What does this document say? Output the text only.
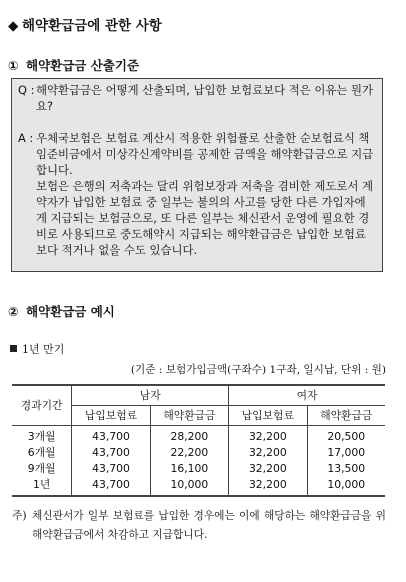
◆ 해약환급금에 관한 사항
① 해약환급금 산출기준
Q : 해약환급금은 어떻게 산출되며, 납입한 보험료보다 적은 이유는 뭔가요?
A : 우체국보험은 보험료 계산시 적용한 위험률로 산출한 순보험료식 책임준비금에서 미상각신계약비를 공제한 금액을 해약환급금으로 지급합니다.
보험은 은행의 저축과는 달리 위험보장과 저축을 겸비한 제도로서 계약자가 납입한 보험료 중 일부는 불의의 사고를 당한 다른 가입자에게 지급되는 보험금으로, 또 다른 일부는 체신관서 운영에 필요한 경비로 사용되므로 중도해약시 지급되는 해약환급금은 납입한 보험료보다 적거나 없을 수도 있습니다.
② 해약환급금 예시
1년 만기
(기준 : 보험가입금액(구좌수) 1구좌, 일시납, 단위 : 원)
경과기간	남자		여자	
	납입보험료	해약환급금	납입보험료	해약환급금
3개월	43,700	28,200	32,200	20,500
6개월	43,700	22,200	32,200	17,000
9개월	43,700	16,100	32,200	13,500
1년	43,700	10,000	32,200	10,000
주) 체신관서가 일부 보험료를 납입한 경우에는 이에 해당하는 해약환급금을 위 해약환급금에서 차감하고 지급합니다.
